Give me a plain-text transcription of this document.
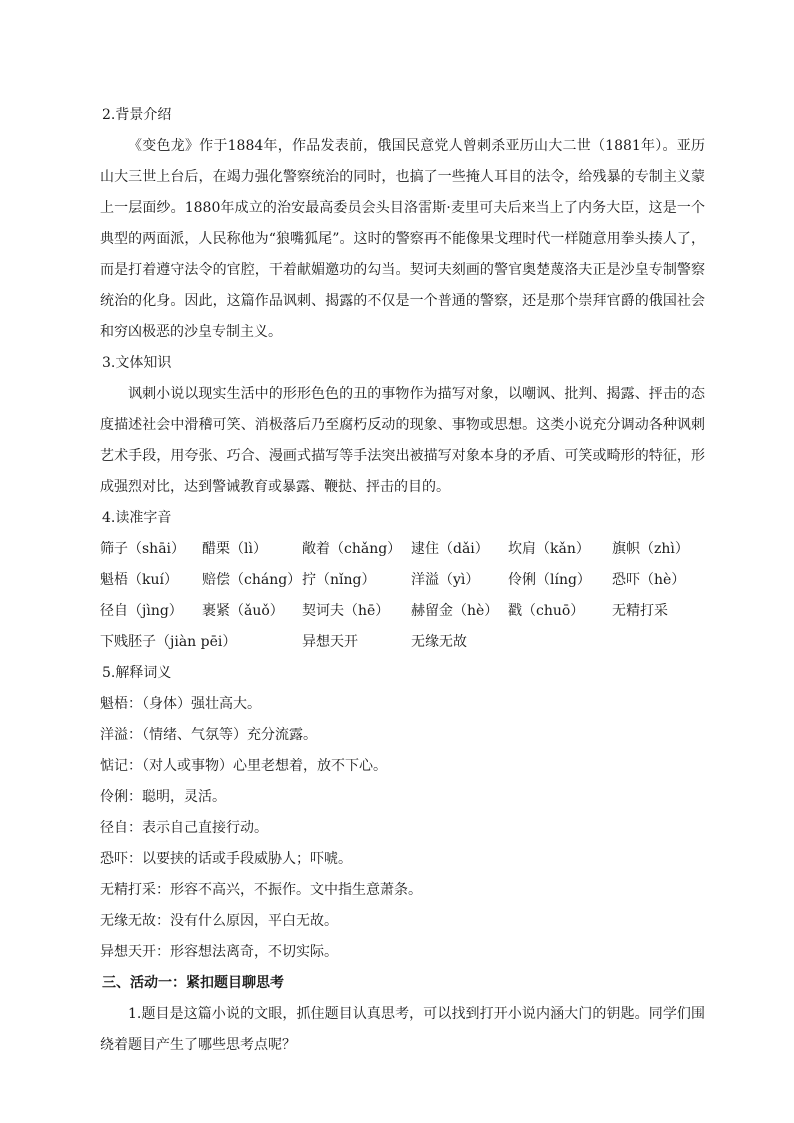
2.背景介绍

《变色龙》作于1884年，作品发表前，俄国民意党人曾刺杀亚历山大二世（1881年）。亚历山大三世上台后，在竭力强化警察统治的同时，也搞了一些掩人耳目的法令，给残暴的专制主义蒙上一层面纱。1880年成立的治安最高委员会头目洛雷斯·麦里可夫后来当上了内务大臣，这是一个典型的两面派，人民称他为“狼嘴狐尾”。这时的警察再不能像果戈理时代一样随意用拳头揍人了，而是打着遵守法令的官腔，干着献媚邀功的勾当。契诃夫刻画的警官奥楚蔑洛夫正是沙皇专制警察统治的化身。因此，这篇作品讽刺、揭露的不仅是一个普通的警察，还是那个崇拜官爵的俄国社会和穷凶极恶的沙皇专制主义。

3.文体知识

讽刺小说以现实生活中的形形色色的丑的事物作为描写对象，以嘲讽、批判、揭露、抨击的态度描述社会中滑稽可笑、消极落后乃至腐朽反动的现象、事物或思想。这类小说充分调动各种讽刺艺术手段，用夸张、巧合、漫画式描写等手法突出被描写对象本身的矛盾、可笑或畸形的特征，形成强烈对比，达到警诫教育或暴露、鞭挞、抨击的目的。

4.读准字音
筛子（shāi）	醋栗（lì）	敞着（chǎng） 逮住（dǎi）	坎肩（kǎn）	旗帜（zhì）
魁梧（kuí）	赔偿（cháng） 拧（nǐng）	洋溢（yì）	伶俐（líng）	恐吓（hè）
径自（jìng）	裹紧（ǎuǒ）	契诃夫（hē）	赫留金（hè） 戳（chuō）	无精打采
下贱胚子（jiàn pēi）	异想天开	无缘无故
5.解释词义

魁梧：（身体）强壮高大。

洋溢：（情绪、气氛等）充分流露。

惦记：（对人或事物）心里老想着，放不下心。

伶俐：聪明，灵活。

径自：表示自己直接行动。

恐吓：以要挟的话或手段威胁人；吓唬。

无精打采：形容不高兴，不振作。文中指生意萧条。

无缘无故：没有什么原因，平白无故。

异想天开：形容想法离奇，不切实际。

三、活动一：紧扣题目聊思考

1.题目是这篇小说的文眼，抓住题目认真思考，可以找到打开小说内涵大门的钥匙。同学们围绕着题目产生了哪些思考点呢？
